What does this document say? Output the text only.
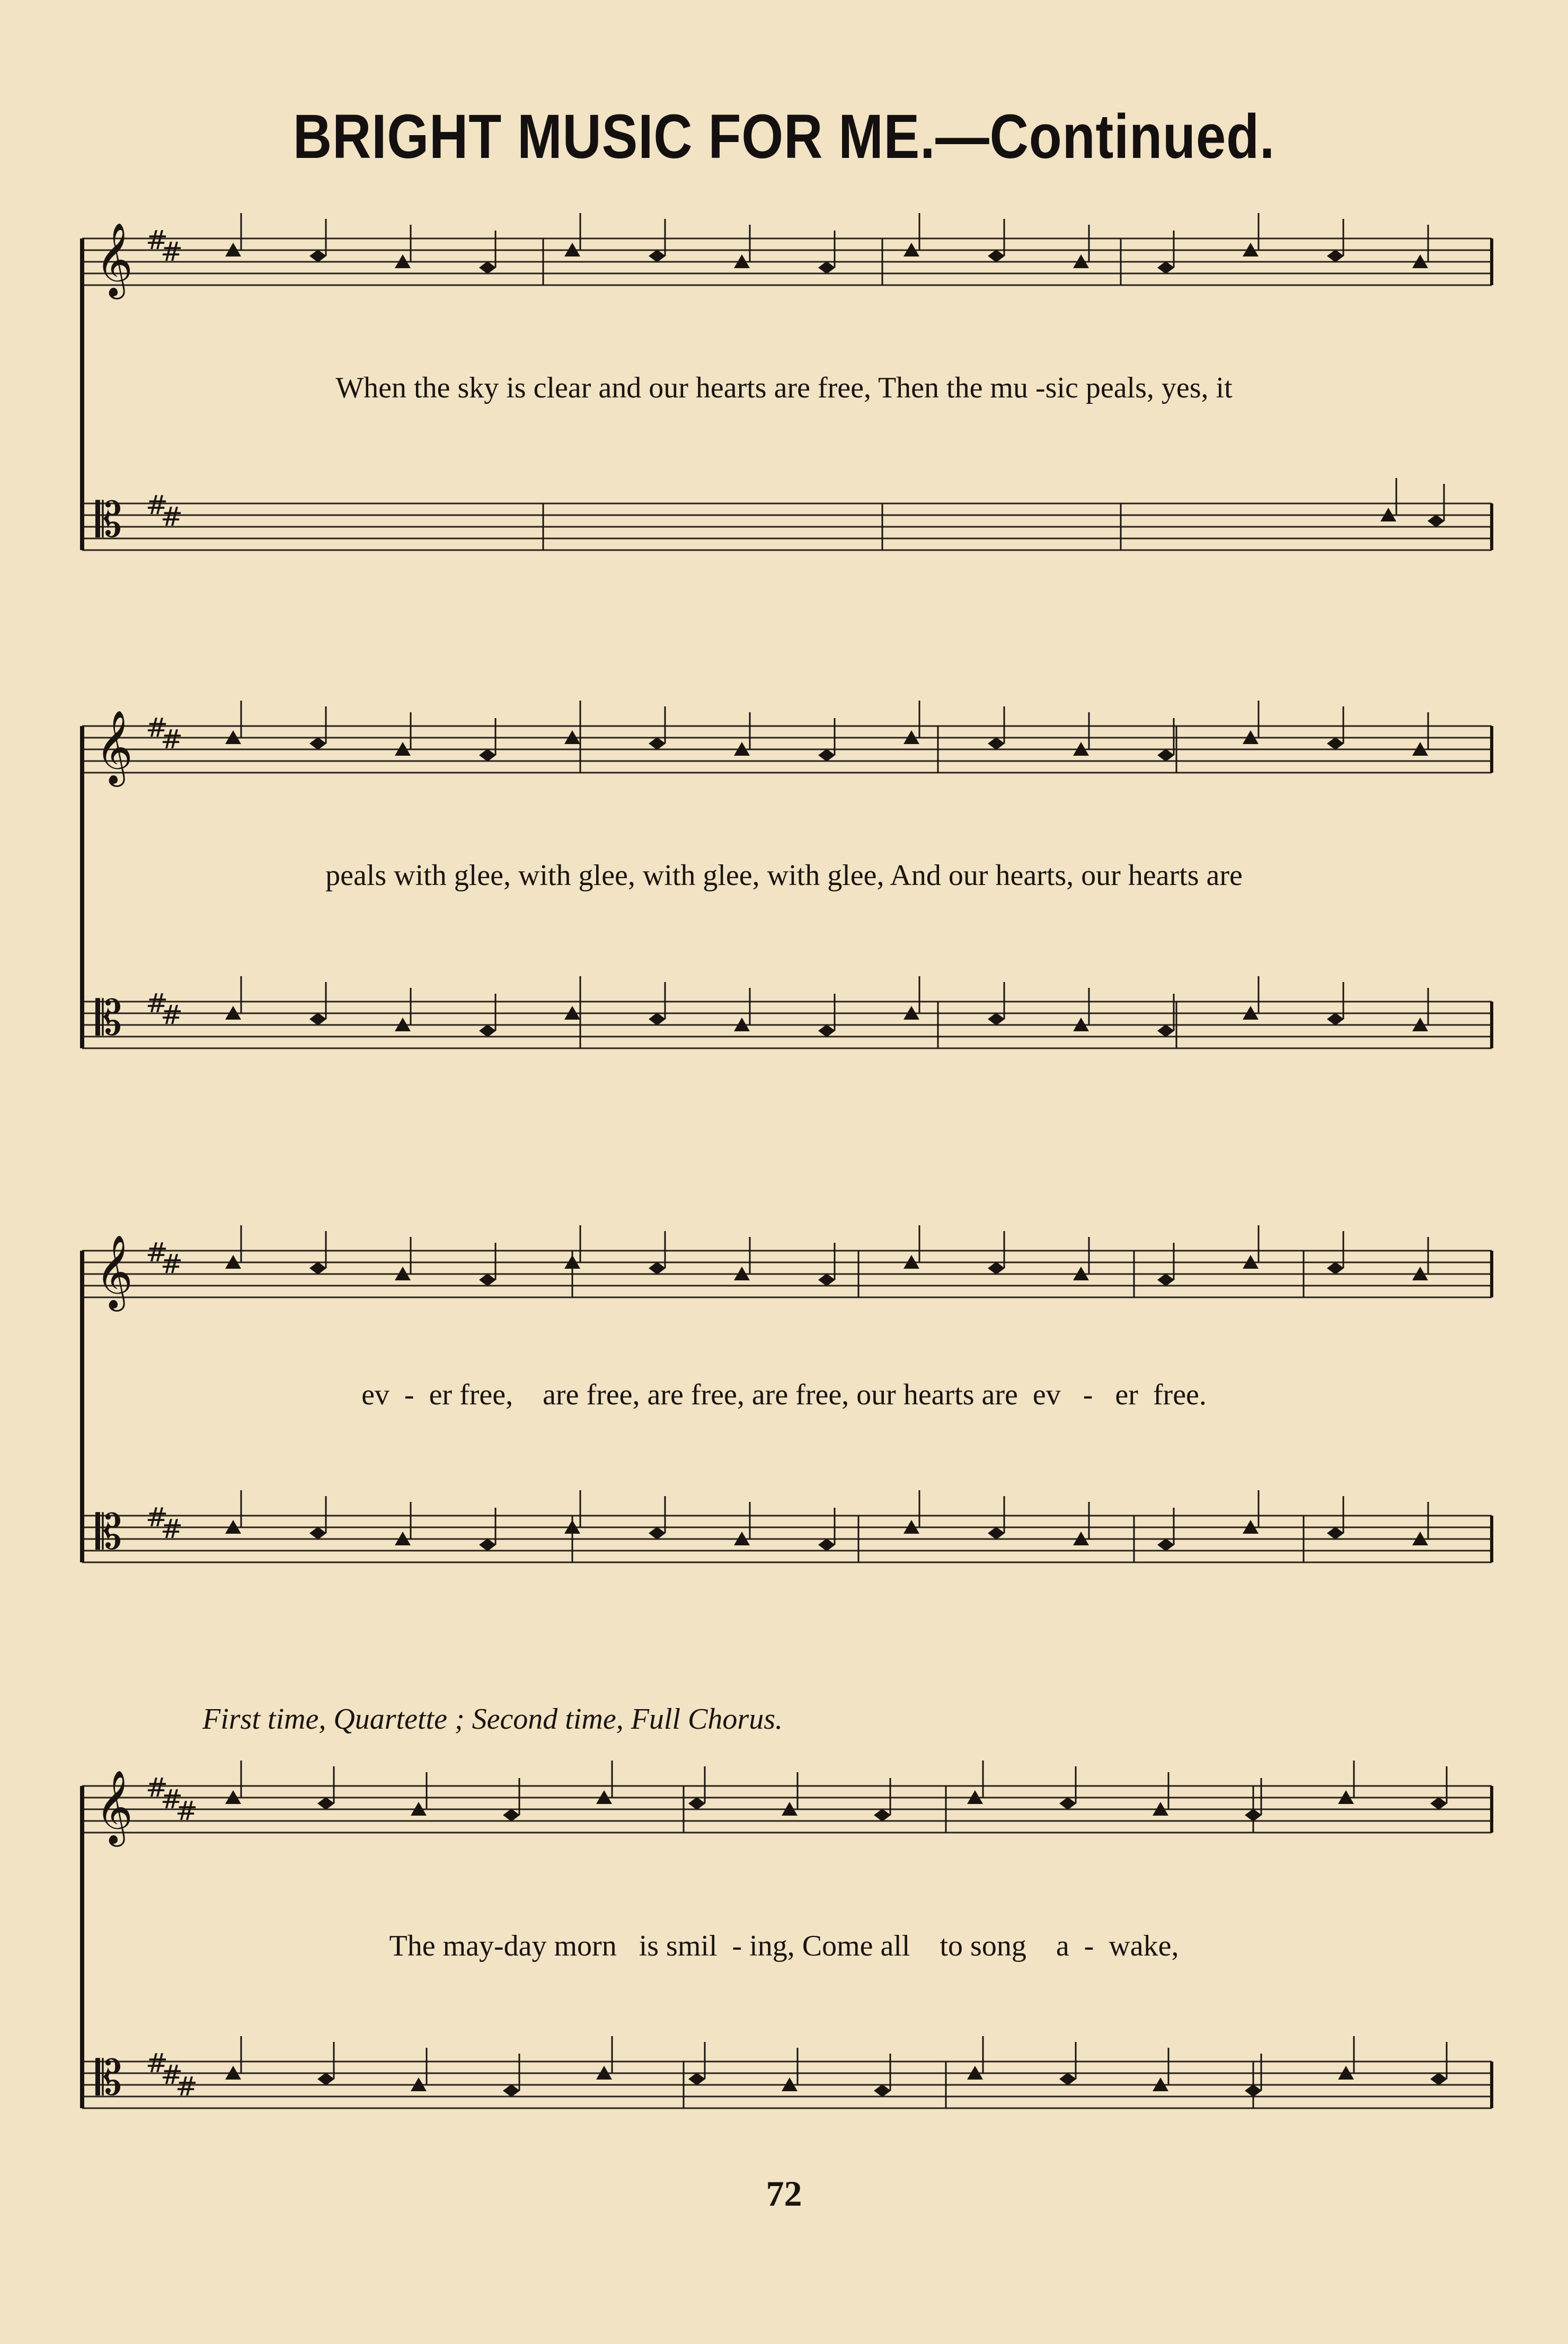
BRIGHT MUSIC FOR ME.—Continued.
𝄞
𝄡
#
#
#
#
𝄞
𝄡
#
#
#
#
𝄞
𝄡
#
#
#
#
𝄞
𝄡
#
#
#
#
#
#
When the sky is clear and our hearts are free, Then the mu -sic peals, yes, it
peals with glee, with glee, with glee, with glee, And our hearts, our hearts are
ev  -  er free,    are free, are free, are free, our hearts are  ev   -   er  free.
First time, Quartette ; Second time, Full Chorus.
The may-day morn   is smil  - ing, Come all    to song    a  -  wake,
72
